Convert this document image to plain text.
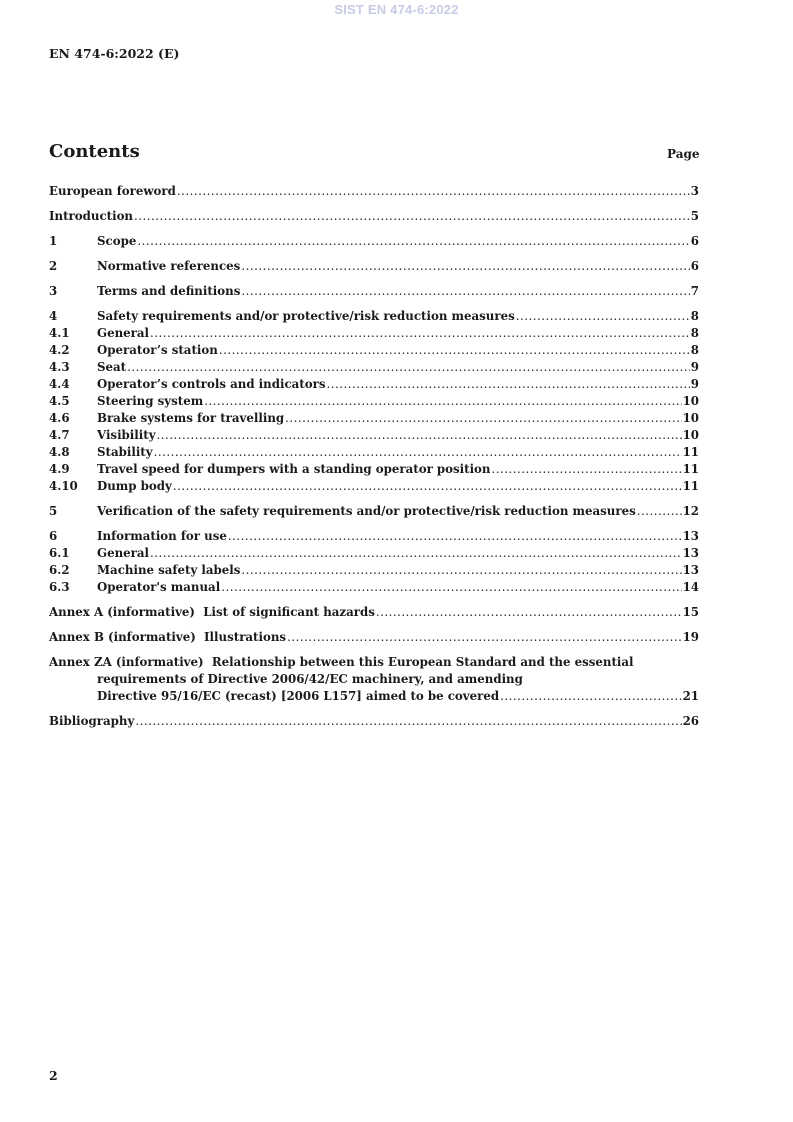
SIST EN 474-6:2022
EN 474-6:2022 (E)
Contents	Page
European foreword .....	3
Introduction .....	5
1	Scope .....	6
2	Normative references .....	6
3	Terms and definitions .....	7
4	Safety requirements and/or protective/risk reduction measures .....	8
4.1	General .....	8
4.2	Operator’s station .....	8
4.3	Seat .....	9
4.4	Operator’s controls and indicators .....	9
4.5	Steering system .....	10
4.6	Brake systems for travelling .....	10
4.7	Visibility .....	10
4.8	Stability .....	11
4.9	Travel speed for dumpers with a standing operator position .....	11
4.10	Dump body .....	11
5	Verification of the safety requirements and/or protective/risk reduction measures .....	12
6	Information for use .....	13
6.1	General .....	13
6.2	Machine safety labels .....	13
6.3	Operator's manual .....	14
Annex A (informative)  List of significant hazards .....	15
Annex B (informative)  Illustrations .....	19
Annex ZA (informative)  Relationship between this European Standard and the essential
requirements of Directive 2006/42/EC machinery, and amending
Directive 95/16/EC (recast) [2006 L157] aimed to be covered .....	21
Bibliography .....	26
2
